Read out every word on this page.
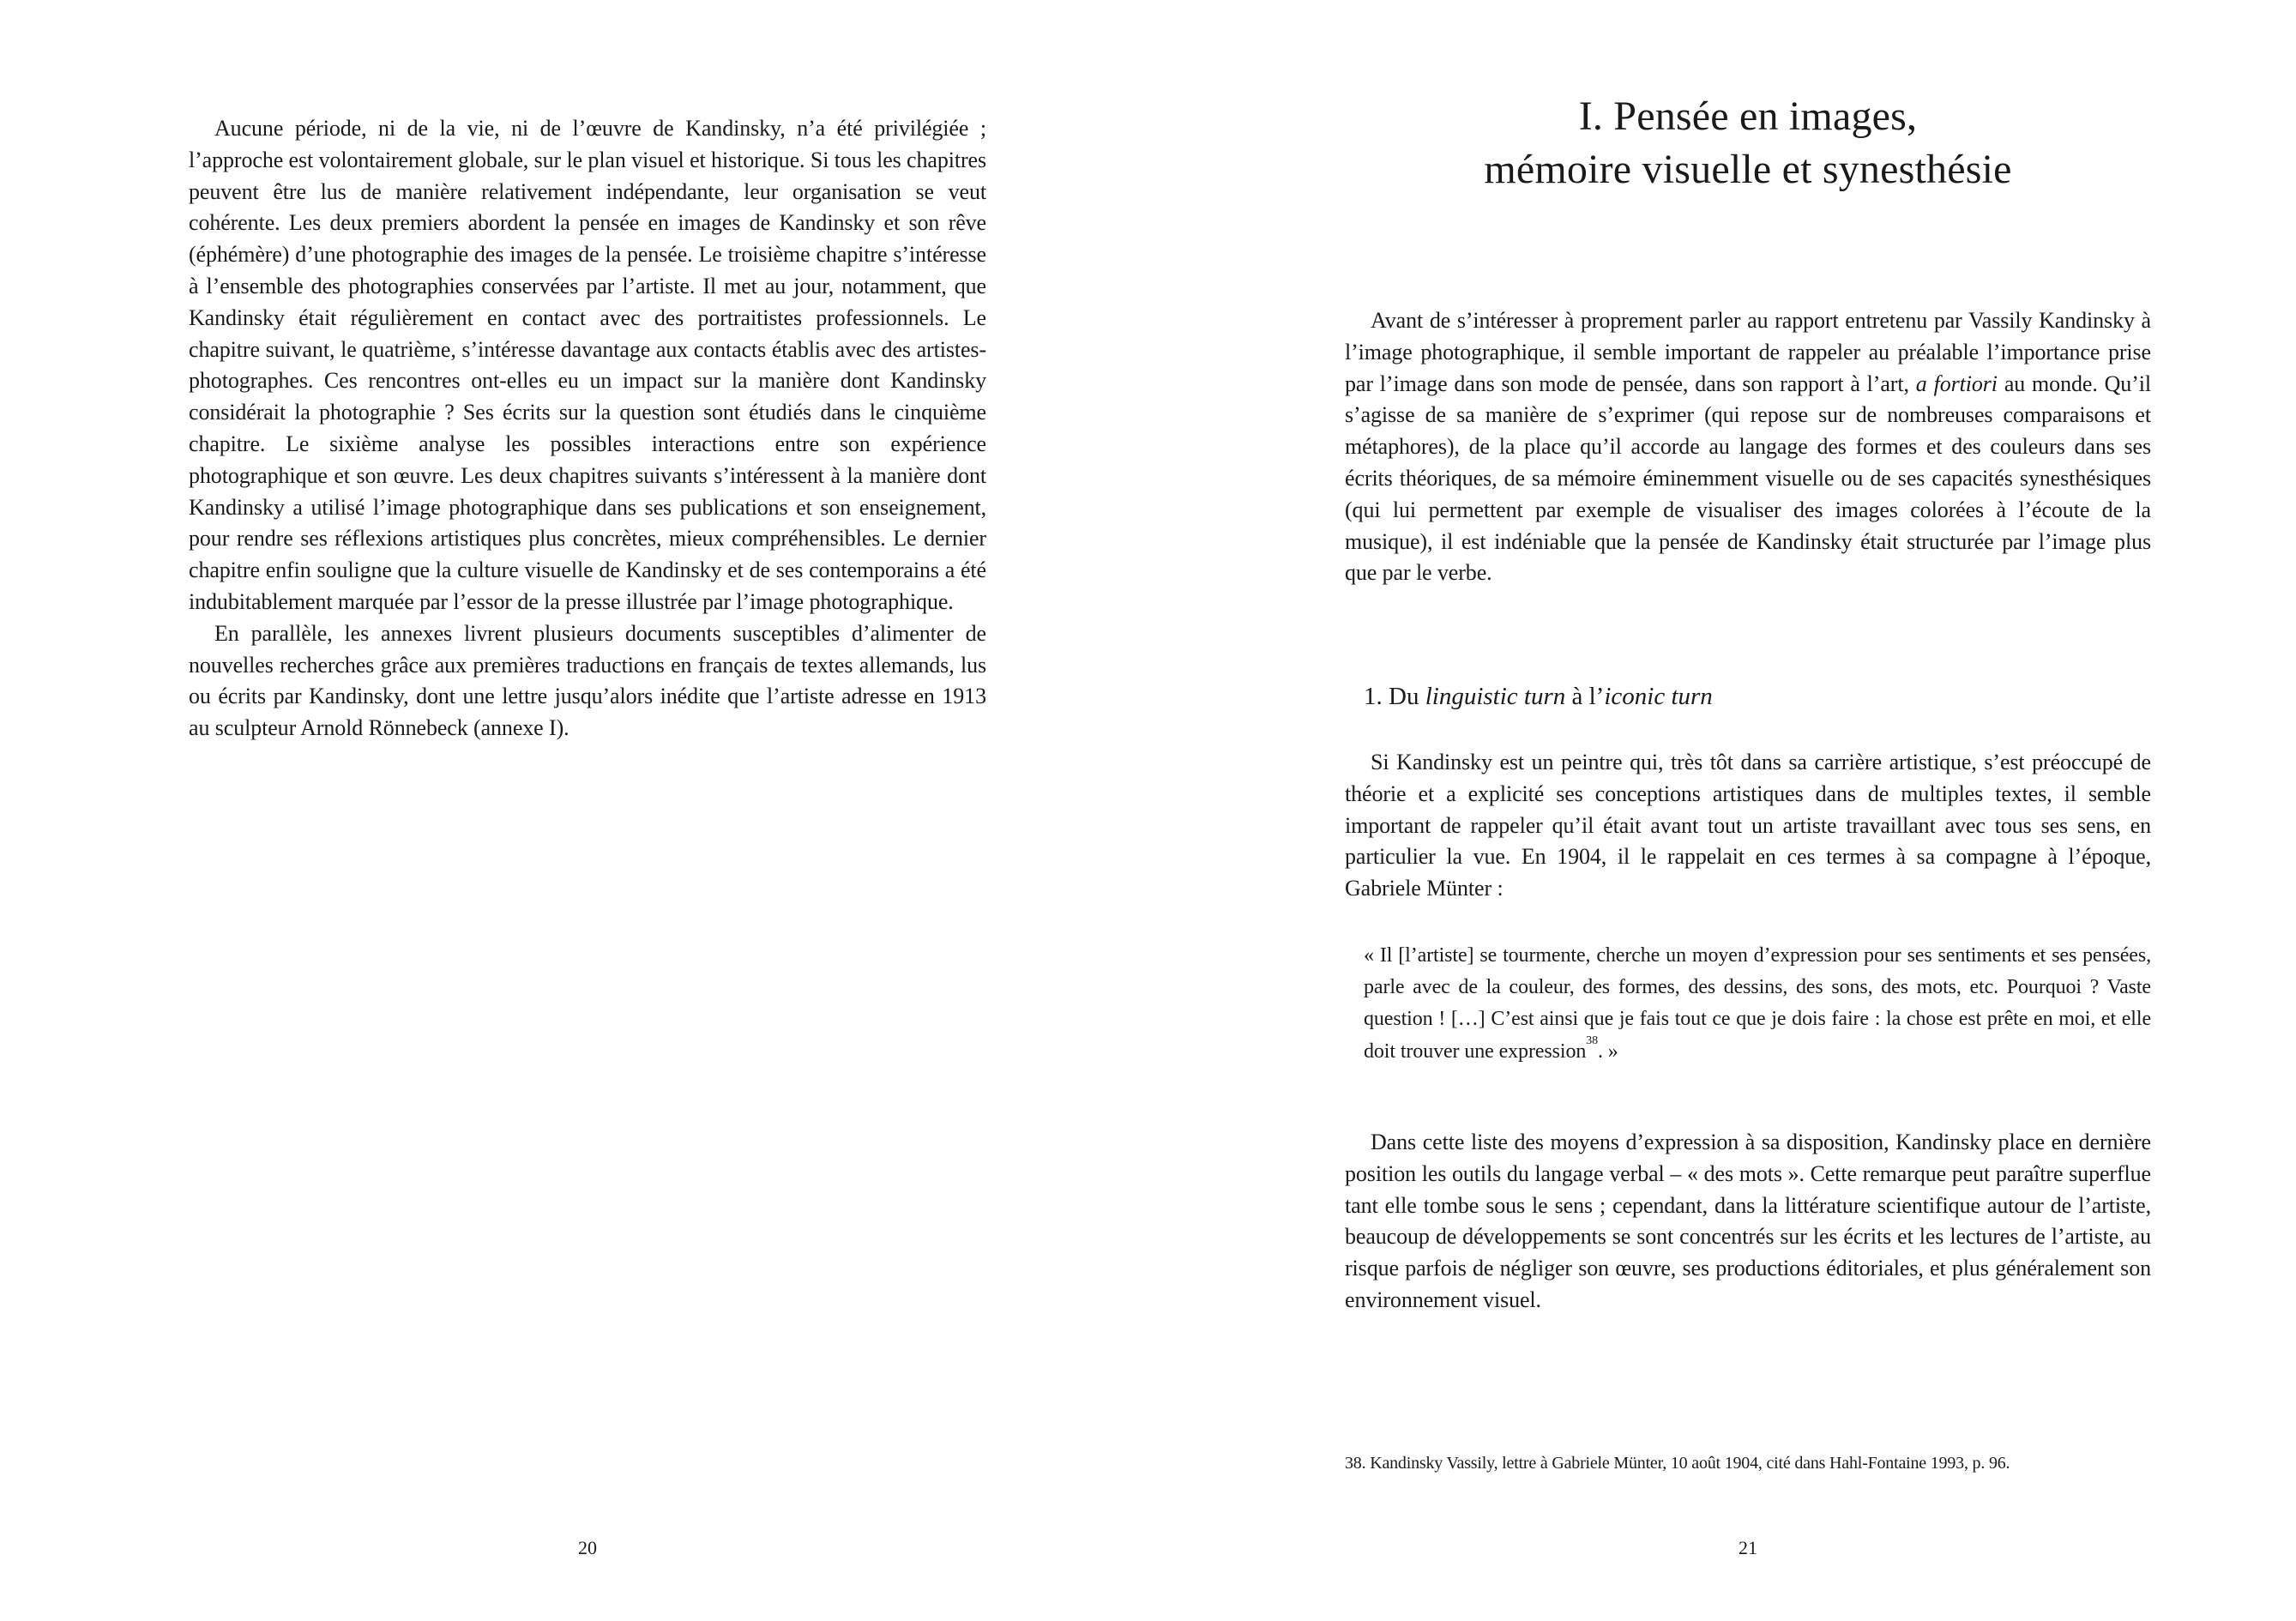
Aucune période, ni de la vie, ni de l’œuvre de Kandinsky, n’a été privilégiée ; l’approche est volontairement globale, sur le plan visuel et historique. Si tous les chapitres peuvent être lus de manière relativement indépendante, leur organisation se veut cohérente. Les deux premiers abordent la pensée en images de Kandinsky et son rêve (éphémère) d’une photographie des images de la pensée. Le troisième chapitre s’intéresse à l’ensemble des photographies conservées par l’artiste. Il met au jour, notamment, que Kandinsky était régulièrement en contact avec des portraitistes professionnels. Le chapitre suivant, le quatrième, s’intéresse davantage aux contacts établis avec des artistes-photographes. Ces rencontres ont-elles eu un impact sur la manière dont Kandinsky considérait la photographie ? Ses écrits sur la question sont étudiés dans le cinquième chapitre. Le sixième analyse les possibles interactions entre son expérience photographique et son œuvre. Les deux chapitres suivants s’intéressent à la manière dont Kandinsky a utilisé l’image photographique dans ses publications et son enseignement, pour rendre ses réflexions artistiques plus concrètes, mieux compréhensibles. Le dernier chapitre enfin souligne que la culture visuelle de Kandinsky et de ses contemporains a été indubitablement marquée par l’essor de la presse illustrée par l’image photographique.

En parallèle, les annexes livrent plusieurs documents susceptibles d’alimenter de nouvelles recherches grâce aux premières traductions en français de textes allemands, lus ou écrits par Kandinsky, dont une lettre jusqu’alors inédite que l’artiste adresse en 1913 au sculpteur Arnold Rönnebeck (annexe I).

20
I. Pensée en images,
mémoire visuelle et synesthésie

Avant de s’intéresser à proprement parler au rapport entretenu par Vassily Kandinsky à l’image photographique, il semble important de rappeler au préalable l’importance prise par l’image dans son mode de pensée, dans son rapport à l’art, a fortiori au monde. Qu’il s’agisse de sa manière de s’exprimer (qui repose sur de nombreuses comparaisons et métaphores), de la place qu’il accorde au langage des formes et des couleurs dans ses écrits théoriques, de sa mémoire éminemment visuelle ou de ses capacités synesthésiques (qui lui permettent par exemple de visualiser des images colorées à l’écoute de la musique), il est indéniable que la pensée de Kandinsky était structurée par l’image plus que par le verbe.

1. Du linguistic turn à l’iconic turn

Si Kandinsky est un peintre qui, très tôt dans sa carrière artistique, s’est préoccupé de théorie et a explicité ses conceptions artistiques dans de multiples textes, il semble important de rappeler qu’il était avant tout un artiste travaillant avec tous ses sens, en particulier la vue. En 1904, il le rappelait en ces termes à sa compagne à l’époque, Gabriele Münter :

« Il [l’artiste] se tourmente, cherche un moyen d’expression pour ses sentiments et ses pensées, parle avec de la couleur, des formes, des dessins, des sons, des mots, etc. Pourquoi ? Vaste question ! […] C’est ainsi que je fais tout ce que je dois faire : la chose est prête en moi, et elle doit trouver une expression$^{38}$. »

Dans cette liste des moyens d’expression à sa disposition, Kandinsky place en dernière position les outils du langage verbal – « des mots ». Cette remarque peut paraître superflue tant elle tombe sous le sens ; cependant, dans la littérature scientifique autour de l’artiste, beaucoup de développements se sont concentrés sur les écrits et les lectures de l’artiste, au risque parfois de négliger son œuvre, ses productions éditoriales, et plus généralement son environnement visuel.

38. Kandinsky Vassily, lettre à Gabriele Münter, 10 août 1904, cité dans Hahl-Fontaine 1993, p. 96.

21
